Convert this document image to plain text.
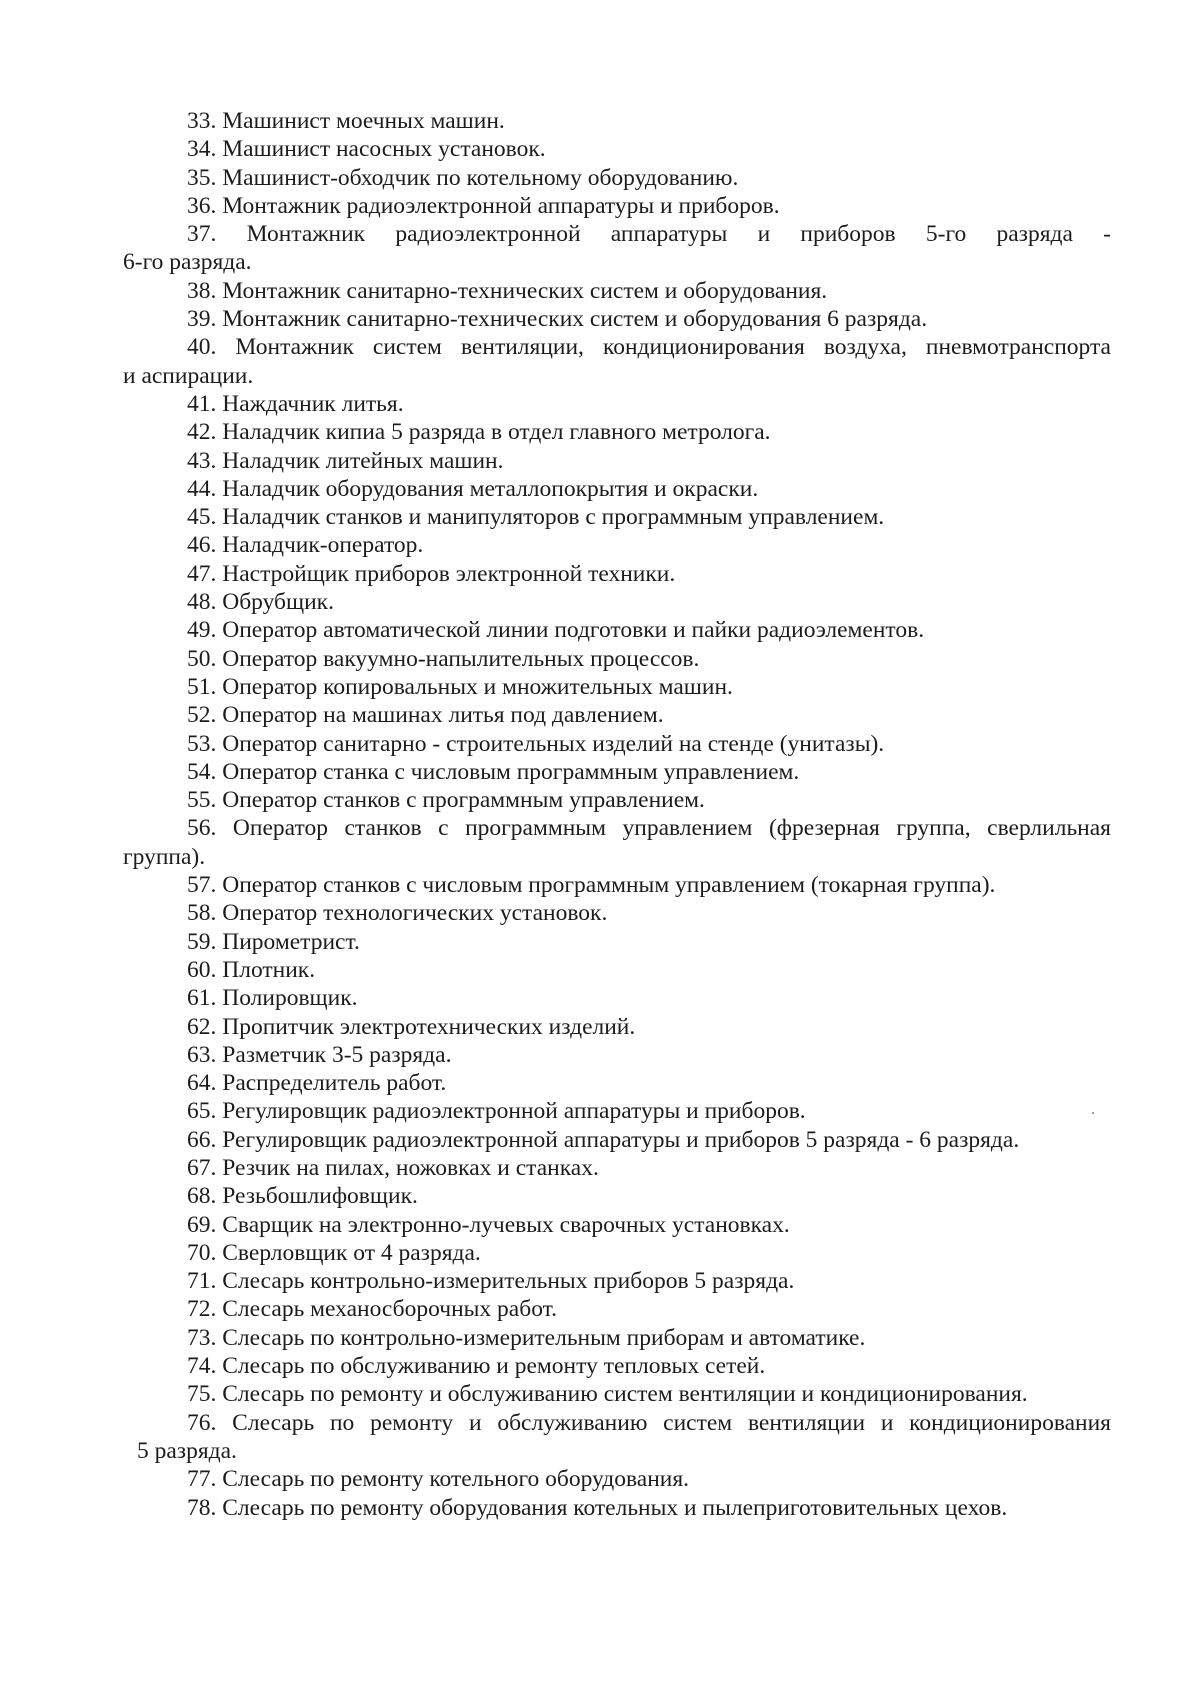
33. Машинист моечных машин.
34. Машинист насосных установок.
35. Машинист-обходчик по котельному оборудованию.
36. Монтажник радиоэлектронной аппаратуры и приборов.
37. Монтажник радиоэлектронной аппаратуры и приборов 5-го разряда -
6-го разряда.
38. Монтажник санитарно-технических систем и оборудования.
39. Монтажник санитарно-технических систем и оборудования 6 разряда.
40. Монтажник систем вентиляции, кондиционирования воздуха, пневмотранспорта
и аспирации.
41. Наждачник литья.
42. Наладчик кипиа 5 разряда в отдел главного метролога.
43. Наладчик литейных машин.
44. Наладчик оборудования металлопокрытия и окраски.
45. Наладчик станков и манипуляторов с программным управлением.
46. Наладчик-оператор.
47. Настройщик приборов электронной техники.
48. Обрубщик.
49. Оператор автоматической линии подготовки и пайки радиоэлементов.
50. Оператор вакуумно-напылительных процессов.
51. Оператор копировальных и множительных машин.
52. Оператор на машинах литья под давлением.
53. Оператор санитарно - строительных изделий на стенде (унитазы).
54. Оператор станка с числовым программным управлением.
55. Оператор станков с программным управлением.
56. Оператор станков с программным управлением (фрезерная группа, сверлильная
группа).
57. Оператор станков с числовым программным управлением (токарная группа).
58. Оператор технологических установок.
59. Пирометрист.
60. Плотник.
61. Полировщик.
62. Пропитчик электротехнических изделий.
63. Разметчик 3-5 разряда.
64. Распределитель работ.
65. Регулировщик радиоэлектронной аппаратуры и приборов.
66. Регулировщик радиоэлектронной аппаратуры и приборов 5 разряда - 6 разряда.
67. Резчик на пилах, ножовках и станках.
68. Резьбошлифовщик.
69. Сварщик на электронно-лучевых сварочных установках.
70. Сверловщик от 4 разряда.
71. Слесарь контрольно-измерительных приборов 5 разряда.
72. Слесарь механосборочных работ.
73. Слесарь по контрольно-измерительным приборам и автоматике.
74. Слесарь по обслуживанию и ремонту тепловых сетей.
75. Слесарь по ремонту и обслуживанию систем вентиляции и кондиционирования.
76. Слесарь по ремонту и обслуживанию систем вентиляции и кондиционирования
5 разряда.
77. Слесарь по ремонту котельного оборудования.
78. Слесарь по ремонту оборудования котельных и пылеприготовительных цехов.
